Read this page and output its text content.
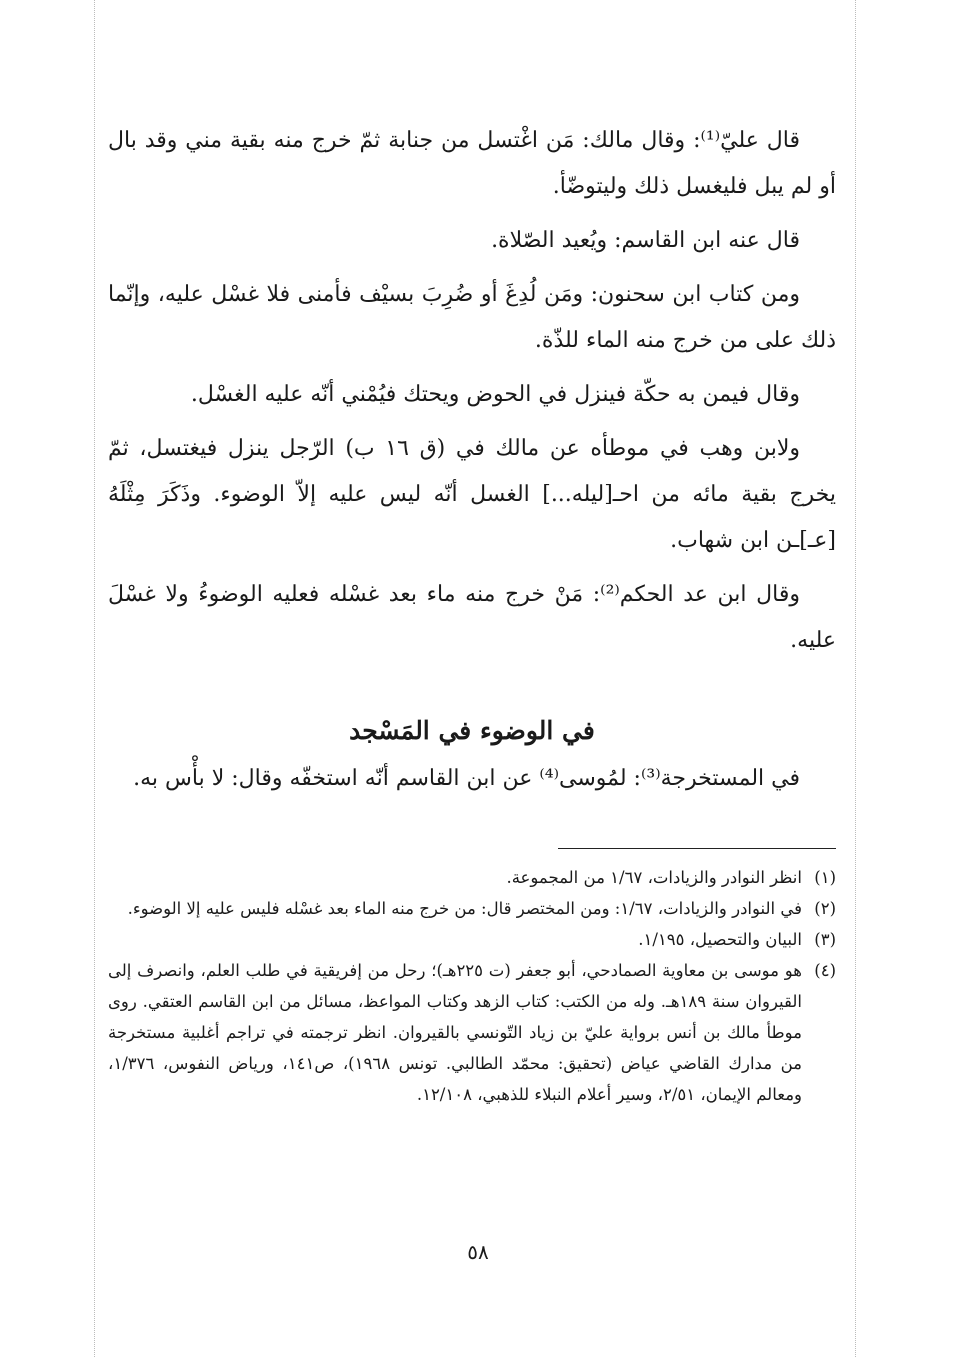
قال عليّ⁽¹⁾: وقال مالك: مَن اغْتسل من جنابة ثمّ خرج منه بقية مني وقد بال أو لم يبل فليغسل ذلك وليتوضّأ.

قال عنه ابن القاسم: ويُعيد الصّلاة.

ومن كتاب ابن سحنون: ومَن لُدِغَ أو ضُرِبَ بسيْف فأمنى فلا غسْل عليه، وإنّما ذلك على من خرج منه الماء للذّة.

وقال فيمن به حكّة فينزل في الحوض ويحتك فيُمْني أنّه عليه الغسْل.

ولابن وهب في موطأه عن مالك في (ق ١٦ ب) الرّجل ينزل فيغتسل، ثمّ يخرج بقية مائه من احـ[ليله...] الغسل أنّه ليس عليه إلاّ الوضوء. وذَكَرَ مِثْلَهُ [عـ]ـن ابن شهاب.

وقال ابن عد الحكم⁽²⁾: مَنْ خرج منه ماء بعد غسْله فعليه الوضوءُ ولا غسْلَ عليه.

في الوضوء في المَسْجد

في المستخرجة⁽³⁾: لمُوسى⁽⁴⁾ عن ابن القاسم أنّه استخفّه وقال: لا بأْس به.

(١)
انظر النوادر والزيادات، ١/٦٧ من المجموعة.
(٢)
في النوادر والزيادات، ١/٦٧: ومن المختصر قال: من خرج منه الماء بعد غسْله فليس عليه إلا الوضوء.
(٣)
البيان والتحصيل، ١/١٩٥.
(٤)
هو موسى بن معاوية الصمادحي، أبو جعفر (ت ٢٢٥هـ)؛ رحل من إفريقية في طلب العلم، وانصرف إلى القيروان سنة ١٨٩هـ. وله من الكتب: كتاب الزهد وكتاب المواعظ، مسائل من ابن القاسم العتقي. روى موطأ مالك بن أنس برواية عليّ بن زياد التّونسي بالقيروان. انظر ترجمته في تراجم أغلبية مستخرجة من مدارك القاضي عياض (تحقيق: محمّد الطالبي. تونس ١٩٦٨)، ص١٤١، ورياض النفوس، ١/٣٧٦، ومعالم الإيمان، ٢/٥١، وسير أعلام النبلاء للذهبي، ١٢/١٠٨.
٥٨
